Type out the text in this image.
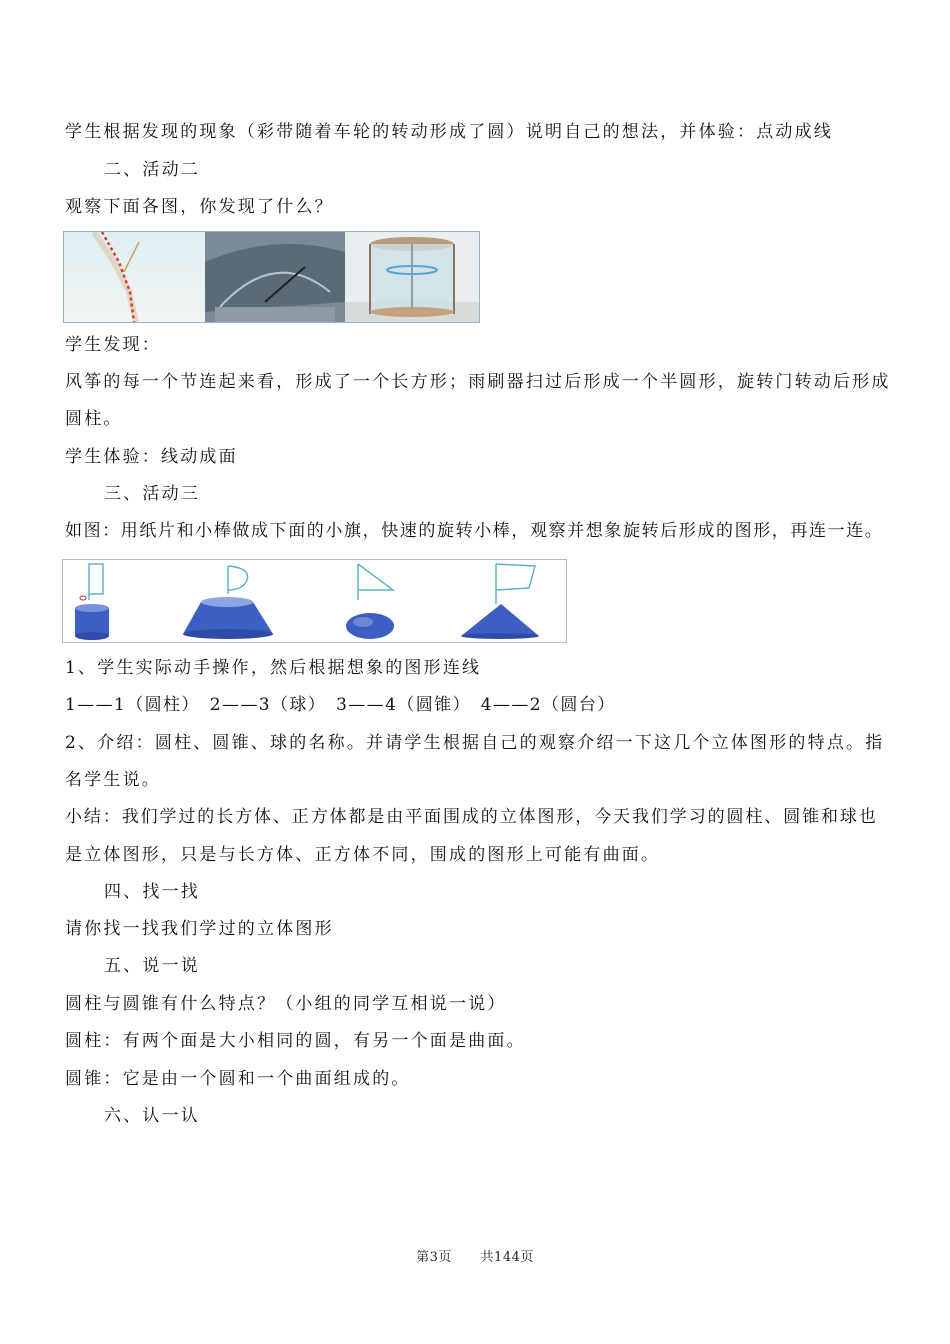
学生根据发现的现象（彩带随着车轮的转动形成了圆）说明自己的想法，并体验：点动成线
二、活动二
观察下面各图，你发现了什么？
学生发现：
风筝的每一个节连起来看，形成了一个长方形；雨刷器扫过后形成一个半圆形，旋转门转动后形成
圆柱。
学生体验：线动成面
三、活动三
如图：用纸片和小棒做成下面的小旗，快速的旋转小棒，观察并想象旋转后形成的图形，再连一连。
1、学生实际动手操作，然后根据想象的图形连线
1——1（圆柱）　2——3（球）　3——4（圆锥）　4——2（圆台）
2、介绍：圆柱、圆锥、球的名称。并请学生根据自己的观察介绍一下这几个立体图形的特点。指
名学生说。
小结：我们学过的长方体、正方体都是由平面围成的立体图形，今天我们学习的圆柱、圆锥和球也
是立体图形，只是与长方体、正方体不同，围成的图形上可能有曲面。
四、找一找
请你找一找我们学过的立体图形
五、说一说
圆柱与圆锥有什么特点？（小组的同学互相说一说）
圆柱：有两个面是大小相同的圆，有另一个面是曲面。
圆锥：它是由一个圆和一个曲面组成的。
六、认一认
第3页 共144页
